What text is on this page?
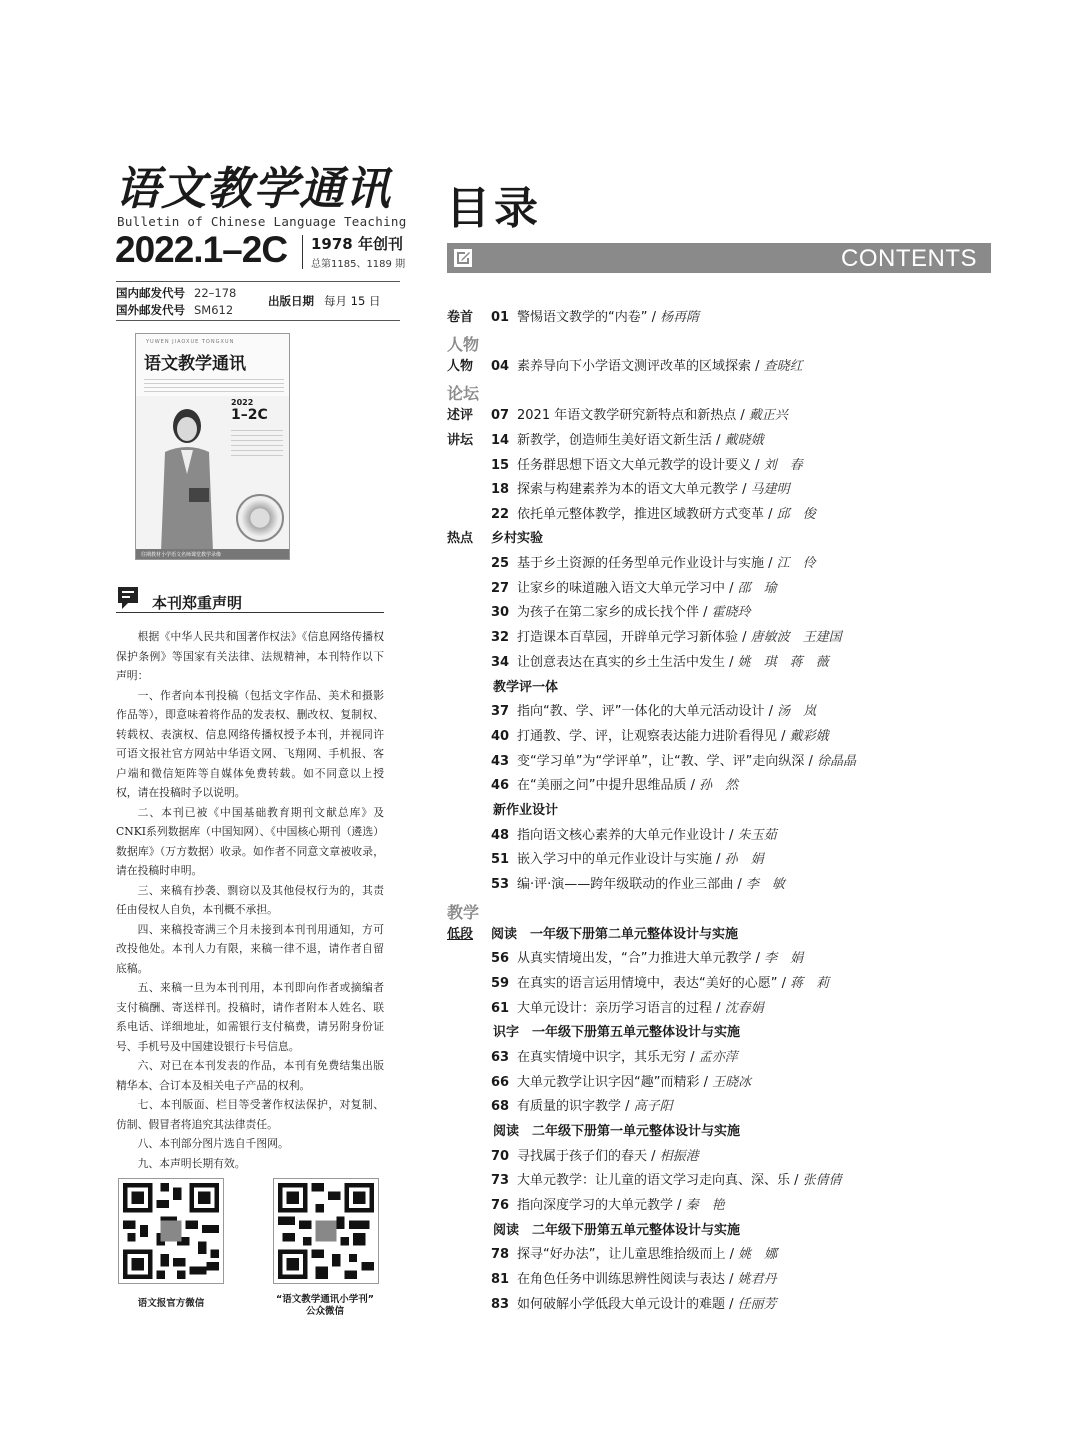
语文教学通讯
Bulletin of Chinese Language Teaching
2022.1–2C 1978 年创刊
总第1185、1189 期
国内邮发代号 22–178
国外邮发代号 SM612
出版日期 每月 15 日
YUWEN JIAOXUE TONGXUN
语文教学通讯
2022
1–2C
往期教材小学语文名师课堂教学录像
本刊郑重声明

根据《中华人民共和国著作权法》《信息网络传播权保护条例》等国家有关法律、法规精神，本刊特作以下声明：

一、作者向本刊投稿（包括文字作品、美术和摄影作品等），即意味着将作品的发表权、删改权、复制权、转载权、表演权、信息网络传播权授予本刊，并视同许可语文报社官方网站中华语文网、飞翔网、手机报、客户端和微信矩阵等自媒体免费转载。如不同意以上授权，请在投稿时予以说明。

二、本刊已被《中国基础教育期刊文献总库》及CNKI系列数据库（中国知网）、《中国核心期刊（遴选）数据库》（万方数据）收录。如作者不同意文章被收录，请在投稿时申明。

三、来稿有抄袭、剽窃以及其他侵权行为的，其责任由侵权人自负，本刊概不承担。

四、来稿投寄满三个月未接到本刊刊用通知，方可改投他处。本刊人力有限，来稿一律不退，请作者自留底稿。

五、来稿一旦为本刊刊用，本刊即向作者或摘编者支付稿酬、寄送样刊。投稿时，请作者附本人姓名、联系电话、详细地址，如需银行支付稿费，请另附身份证号、手机号及中国建设银行卡号信息。

六、对已在本刊发表的作品，本刊有免费结集出版精华本、合订本及相关电子产品的权利。

七、本刊版面、栏目等受著作权法保护，对复制、仿制、假冒者将追究其法律责任。

八、本刊部分图片选自千图网。

九、本声明长期有效。

语文报官方微信	“语文教学通讯小学刊”
公众微信
目录
CONTENTS
人物
论坛
教学
卷首 01 警惕语文教学的“内卷” / 杨再隋
人物 04 素养导向下小学语文测评改革的区域探索 / 查晓红
述评 07 2021 年语文教学研究新特点和新热点 / 戴正兴
讲坛 14 新教学，创造师生美好语文新生活 / 戴晓娥
15 任务群思想下语文大单元教学的设计要义 / 刘　春
18 探索与构建素养为本的语文大单元教学 / 马建明
22 依托单元整体教学，推进区域教研方式变革 / 邱　俊
热点 乡村实验
25 基于乡土资源的任务型单元作业设计与实施 / 江　伶
27 让家乡的味道融入语文大单元学习中 / 邵　瑜
30 为孩子在第二家乡的成长找个伴 / 霍晓玲
32 打造课本百草园，开辟单元学习新体验 / 唐敏波　王建国
34 让创意表达在真实的乡土生活中发生 / 姚　琪　蒋　薇
教学评一体
37 指向“教、学、评”一体化的大单元活动设计 / 汤　岚
40 打通教、学、评，让观察表达能力进阶看得见 / 戴彩娥
43 变“学习单”为“学评单”，让“教、学、评”走向纵深 / 徐晶晶
46 在“美丽之问”中提升思维品质 / 孙　然
新作业设计
48 指向语文核心素养的大单元作业设计 / 朱玉茹
51 嵌入学习中的单元作业设计与实施 / 孙　娟
53 编·评·演——跨年级联动的作业三部曲 / 李　敏
低段 阅读　一年级下册第二单元整体设计与实施
56 从真实情境出发，“合”力推进大单元教学 / 李　娟
59 在真实的语言运用情境中，表达“美好的心愿” / 蒋　莉
61 大单元设计：亲历学习语言的过程 / 沈春娟
识字　一年级下册第五单元整体设计与实施
63 在真实情境中识字，其乐无穷 / 孟亦萍
66 大单元教学让识字因“趣”而精彩 / 王晓冰
68 有质量的识字教学 / 高子阳
阅读　二年级下册第一单元整体设计与实施
70 寻找属于孩子们的春天 / 相振港
73 大单元教学：让儿童的语文学习走向真、深、乐 / 张倩倩
76 指向深度学习的大单元教学 / 秦　艳
阅读　二年级下册第五单元整体设计与实施
78 探寻“好办法”，让儿童思维拾级而上 / 姚　娜
81 在角色任务中训练思辨性阅读与表达 / 姚君丹
83 如何破解小学低段大单元设计的难题 / 任丽芳
